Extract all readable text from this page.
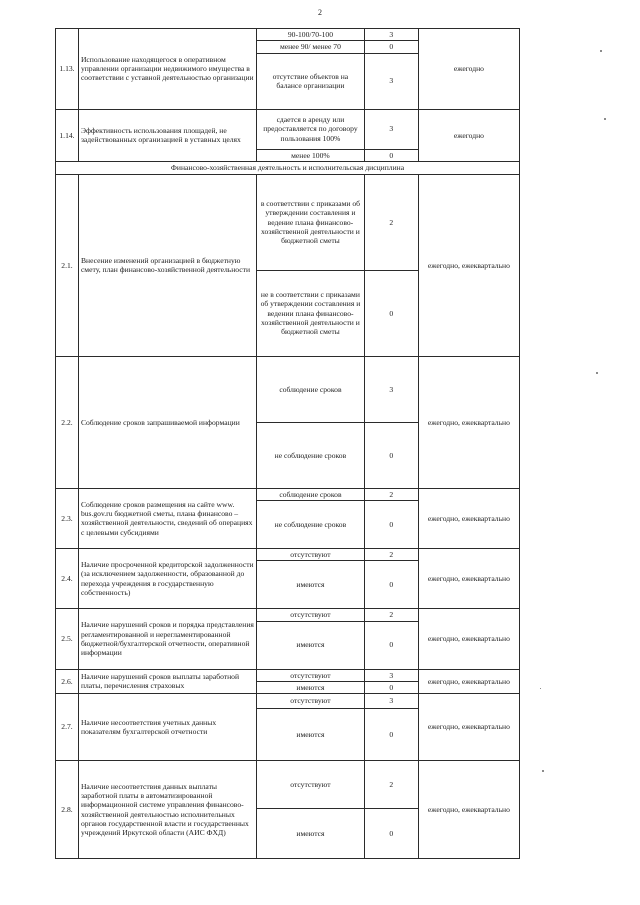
2
1.13.	Использование находящегося в оперативном управлении организации недвижимого имущества в соответствии с уставной деятельностью организации	90-100/70-100	3	ежегодно
		менее 90/ менее 70	0	
		отсутствие объектов на балансе организации	3	
1.14.	Эффективность использования площадей, не задействованных организацией в уставных целях	сдается в аренду или предоставляется по договору пользования 100%	3	ежегодно
		менее 100%	0	
Финансово-хозяйственная деятельность и исполнительская дисциплина				
2.1.	Внесение изменений организацией в бюджетную смету, план финансово-хозяйственной деятельности	в соответствии с приказами об утверждении составления и ведение плана финансово-хозяйственной деятельности и бюджетной сметы	2	ежегодно, ежеквартально
		не в соответствии с приказами об утверждении составления и ведении плана финансово-хозяйственной деятельности и бюджетной сметы	0	
2.2.	Соблюдение сроков запрашиваемой информации	соблюдение сроков	3	ежегодно, ежеквартально
		не соблюдение сроков	0	
2.3.	Соблюдение сроков размещения на сайте www. bus.gov.ru бюджетной сметы, плана финансово – хозяйственной деятельности, сведений об операциях с целевыми субсидиями	соблюдение сроков	2	ежегодно, ежеквартально
		не соблюдение сроков	0	
2.4.	Наличие просроченной кредиторской задолженности (за исключением задолженности, образованной до перехода учреждения в государственную собственность)	отсутствуют	2	ежегодно, ежеквартально
		имеются	0	
2.5.	Наличие нарушений сроков и порядка представления регламентированной и нерегламентированной бюджетной/бухгалтерской отчетности, оперативной информации	отсутствуют	2	ежегодно, ежеквартально
		имеются	0	
2.6.	Наличие нарушений сроков выплаты заработной платы, перечисления страховых	отсутствуют	3	ежегодно, ежеквартально
		имеются	0	
2.7.	Наличие несоответствия учетных данных показателям бухгалтерской отчетности	отсутствуют	3	ежегодно, ежеквартально
		имеются	0	
2.8.	Наличие несоответствия данных выплаты заработной платы в автоматизированной информационной системе управления финансово-хозяйственной деятельностью исполнительных органов государственной власти и государственных учреждений Иркутской области (АИС ФХД)	отсутствуют	2	ежегодно, ежеквартально
		имеются	0	
